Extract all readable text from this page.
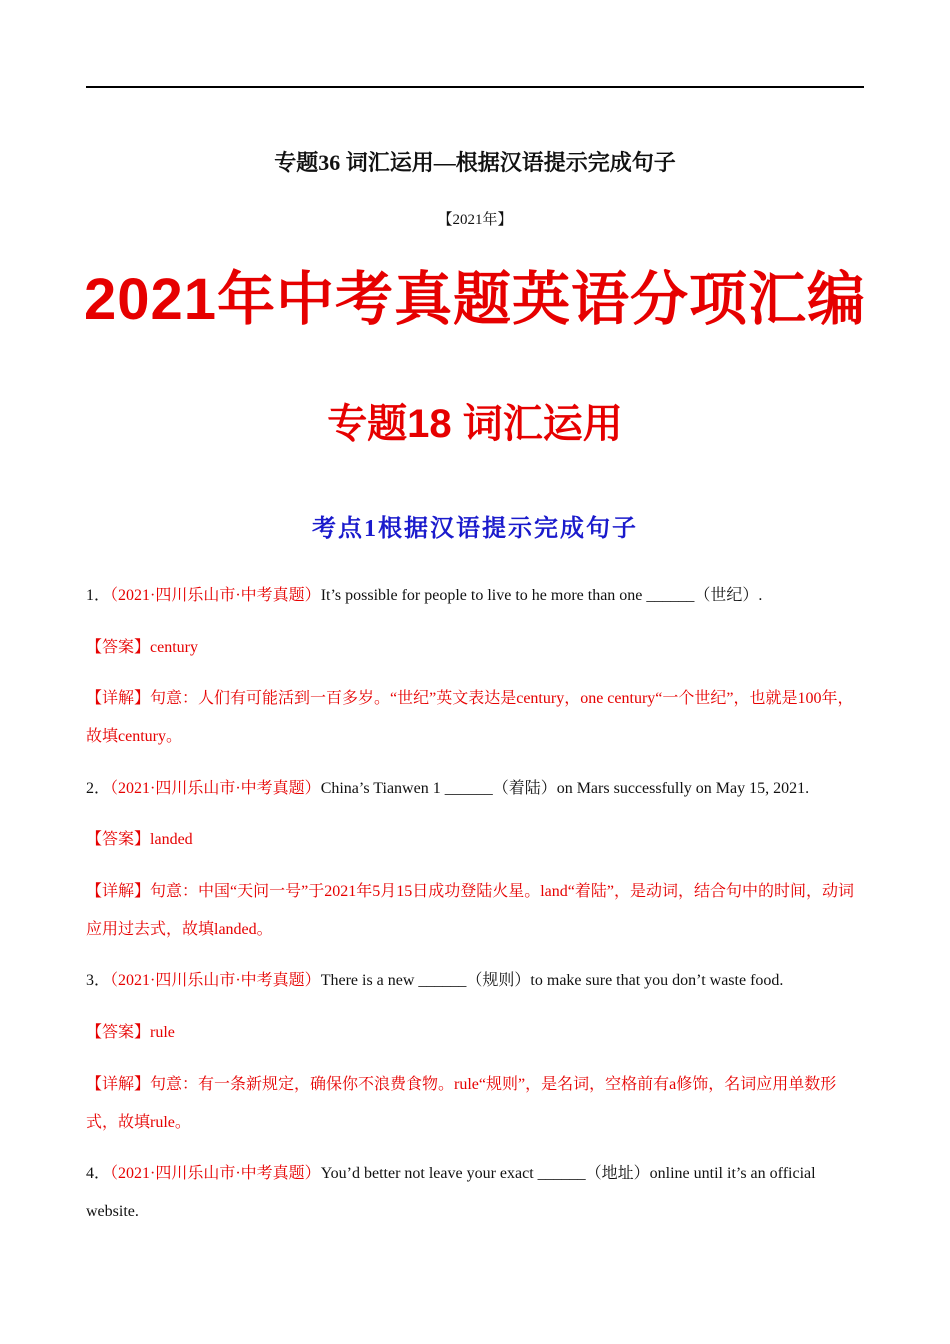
专题36 词汇运用—根据汉语提示完成句子
【2021年】
2021年中考真题英语分项汇编
专题18 词汇运用
考点1根据汉语提示完成句子
1．（2021·四川乐山市·中考真题）It’s possible for people to live to he more than one ______（世纪）.
【答案】century
【详解】句意：人们有可能活到一百多岁。“世纪”英文表达是century，one century“一个世纪”，也就是100年，故填century。
2．（2021·四川乐山市·中考真题）China’s Tianwen 1 ______（着陆）on Mars successfully on May 15, 2021.
【答案】landed
【详解】句意：中国“天问一号”于2021年5月15日成功登陆火星。land“着陆”，是动词，结合句中的时间，动词应用过去式，故填landed。
3．（2021·四川乐山市·中考真题）There is a new ______（规则）to make sure that you don’t waste food.
【答案】rule
【详解】句意：有一条新规定，确保你不浪费食物。rule“规则”，是名词，空格前有a修饰，名词应用单数形式，故填rule。
4．（2021·四川乐山市·中考真题）You’d better not leave your exact ______（地址）online until it’s an official website.
